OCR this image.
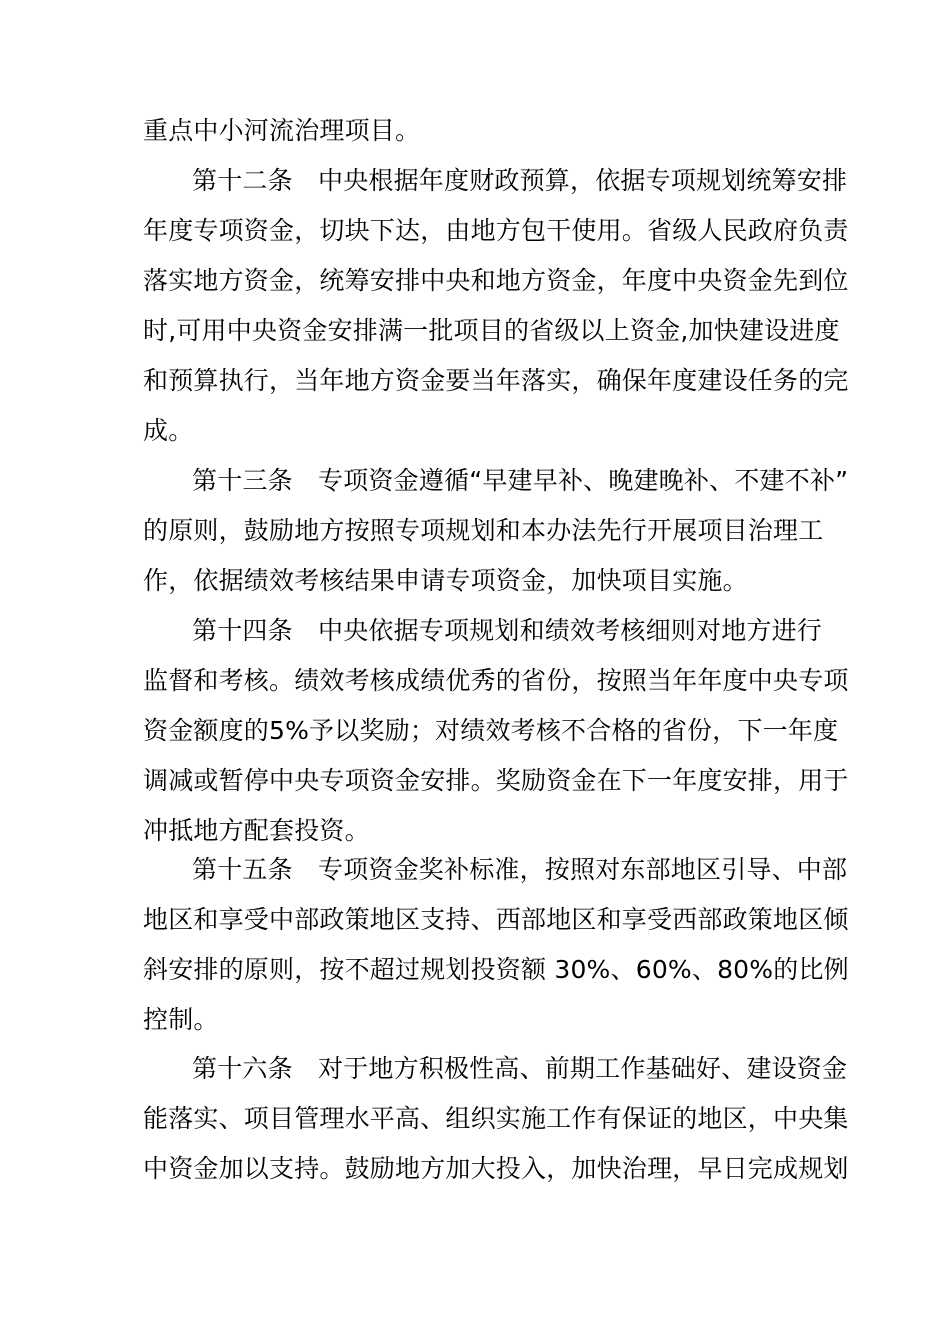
重点中小河流治理项目。
第十二条　中央根据年度财政预算，依据专项规划统筹安排
年度专项资金，切块下达，由地方包干使用。省级人民政府负责
落实地方资金，统筹安排中央和地方资金，年度中央资金先到位
时,可用中央资金安排满一批项目的省级以上资金,加快建设进度
和预算执行，当年地方资金要当年落实，确保年度建设任务的完
成。
第十三条　专项资金遵循“早建早补、晚建晚补、不建不补”
的原则，鼓励地方按照专项规划和本办法先行开展项目治理工
作，依据绩效考核结果申请专项资金，加快项目实施。
第十四条　中央依据专项规划和绩效考核细则对地方进行
监督和考核。绩效考核成绩优秀的省份，按照当年年度中央专项
资金额度的5%予以奖励；对绩效考核不合格的省份，下一年度
调减或暂停中央专项资金安排。奖励资金在下一年度安排，用于
冲抵地方配套投资。
第十五条　专项资金奖补标准，按照对东部地区引导、中部
地区和享受中部政策地区支持、西部地区和享受西部政策地区倾
斜安排的原则，按不超过规划投资额 30%、60%、80%的比例
控制。
第十六条　对于地方积极性高、前期工作基础好、建设资金
能落实、项目管理水平高、组织实施工作有保证的地区，中央集
中资金加以支持。鼓励地方加大投入，加快治理，早日完成规划
